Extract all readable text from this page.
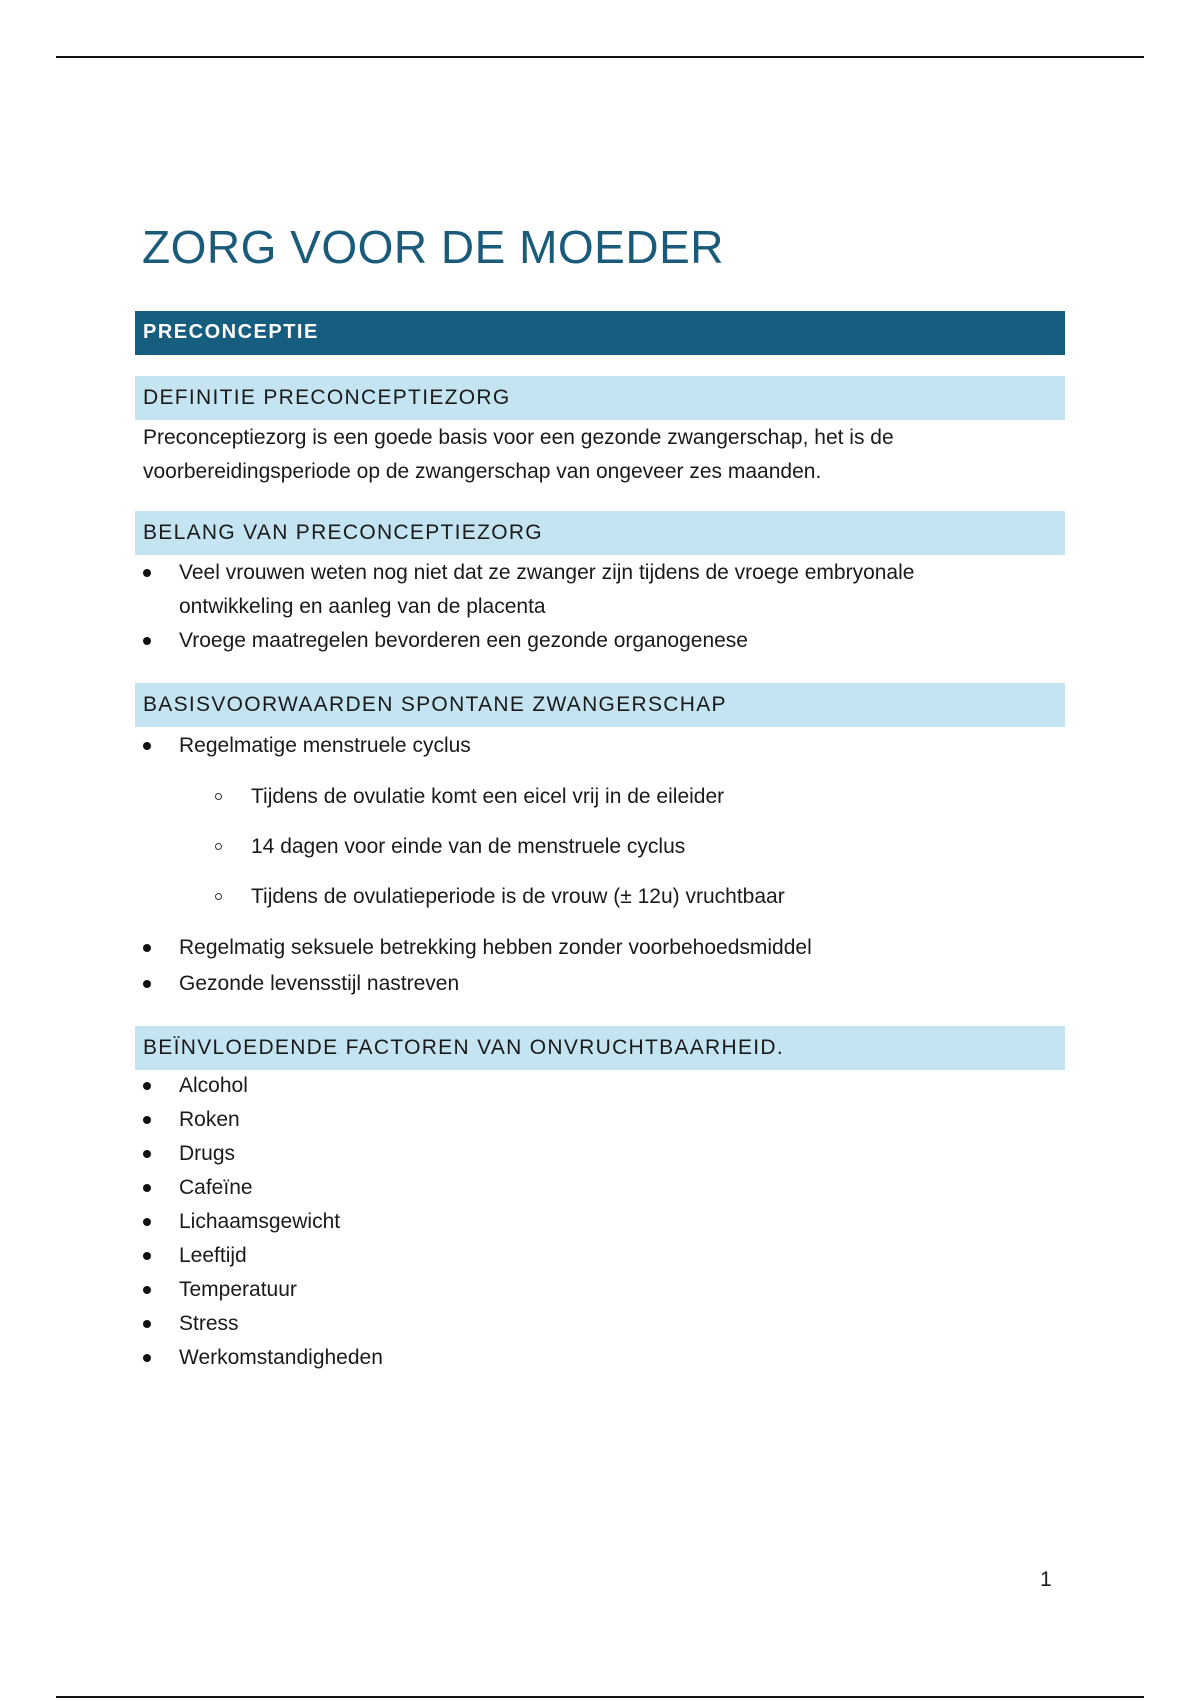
ZORG VOOR DE MOEDER
PRECONCEPTIE
DEFINITIE PRECONCEPTIEZORG

Preconceptiezorg is een goede basis voor een gezonde zwangerschap, het is de
voorbereidingsperiode op de zwangerschap van ongeveer zes maanden.

BELANG VAN PRECONCEPTIEZORG
Veel vrouwen weten nog niet dat ze zwanger zijn tijdens de vroege embryonale
ontwikkeling en aanleg van de placenta
Vroege maatregelen bevorderen een gezonde organogenese
BASISVOORWAARDEN SPONTANE ZWANGERSCHAP
Regelmatige menstruele cyclus
Tijdens de ovulatie komt een eicel vrij in de eileider
14 dagen voor einde van de menstruele cyclus
Tijdens de ovulatieperiode is de vrouw (± 12u) vruchtbaar
Regelmatig seksuele betrekking hebben zonder voorbehoedsmiddel
Gezonde levensstijl nastreven
BEÏNVLOEDENDE FACTOREN VAN ONVRUCHTBAARHEID.
Alcohol
Roken
Drugs
Cafeïne
Lichaamsgewicht
Leeftijd
Temperatuur
Stress
Werkomstandigheden
1
